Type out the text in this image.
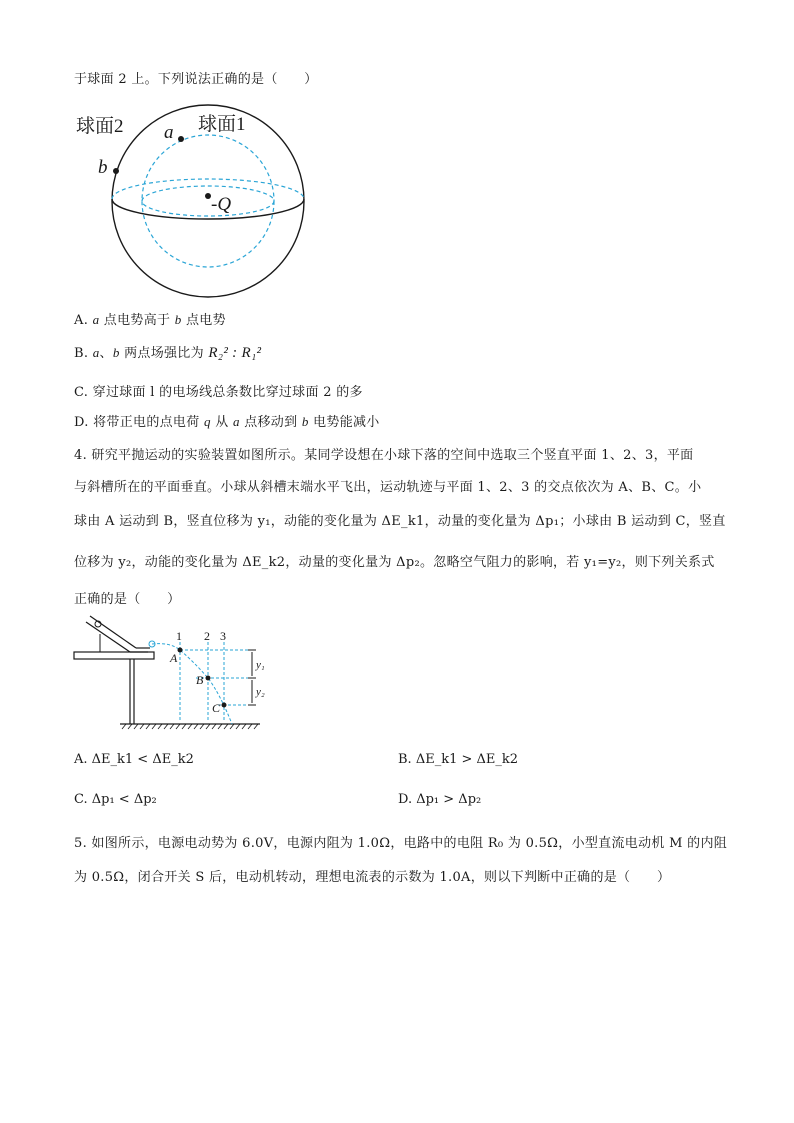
于球面 2 上。下列说法正确的是（　　）
球面2	球面1
a
b
-Q
A. a 点电势高于 b 点电势
B. a、b 两点场强比为 R₂² : R₁²
C. 穿过球面 l 的电场线总条数比穿过球面 2 的多
D. 将带正电的点电荷 q 从 a 点移动到 b 电势能减小
4. 研究平抛运动的实验装置如图所示。某同学设想在小球下落的空间中选取三个竖直平面 1、2、3，平面
与斜槽所在的平面垂直。小球从斜槽末端水平飞出，运动轨迹与平面 1、2、3 的交点依次为 A、B、C。小
球由 A 运动到 B，竖直位移为 y₁，动能的变化量为 ΔE_k1，动量的变化量为 Δp₁；小球由 B 运动到 C，竖直
位移为 y₂，动能的变化量为 ΔE_k2，动量的变化量为 Δp₂。忽略空气阻力的影响，若 y₁=y₂，则下列关系式
正确的是（　　）
1 2 3
A
B
C
y₁
y₂
A. ΔE_k1 < ΔE_k2	B. ΔE_k1 > ΔE_k2
C. Δp₁ < Δp₂	D. Δp₁ > Δp₂
5. 如图所示，电源电动势为 6.0V，电源内阻为 1.0Ω，电路中的电阻 R₀ 为 0.5Ω，小型直流电动机 M 的内阻
为 0.5Ω，闭合开关 S 后，电动机转动，理想电流表的示数为 1.0A，则以下判断中正确的是（　　）
